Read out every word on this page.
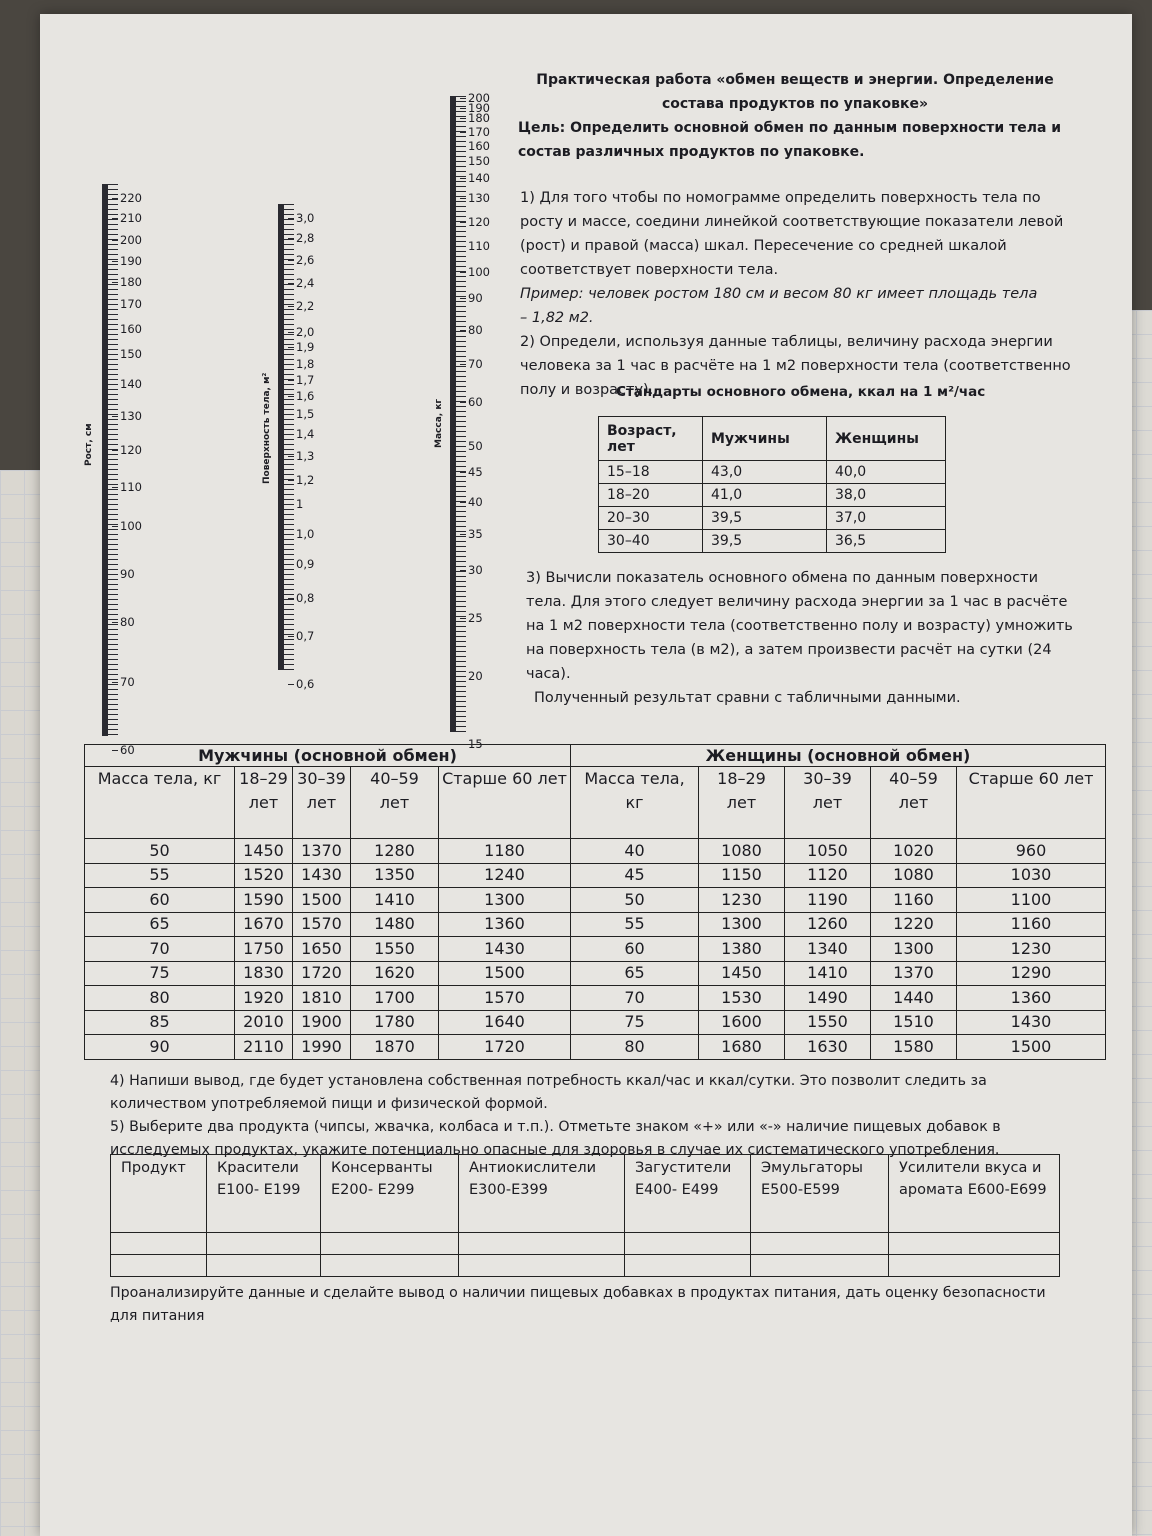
220
210
200
190
180
170
160
150
140
130
120
110
100
90
80
70
60
Рост, см
3,0
2,8
2,6
2,4
2,2
2,0
1,9
1,8
1,7
1,6
1,5
1,4
1,3
1,2
1
1,0
0,9
0,8
0,7
0,6
Поверхность тела, м²
200
190
180
170
160
150
140
130
120
110
100
90
80
70
60
50
45
40
35
30
25
20
15
Масса, кг
Практическая работа «обмен веществ и энергии. Определение
состава продуктов по упаковке»
Цель: Определить основной обмен по данным поверхности тела и
состав различных продуктов по упаковке.
1) Для того чтобы по номограмме определить поверхность тела по
росту и массе, соедини линейкой соответствующие показатели левой
(рост) и правой (масса) шкал. Пересечение со средней шкалой
соответствует поверхности тела.
Пример: человек ростом 180 см и весом 80 кг имеет площадь тела
– 1,82 м2.
2) Определи, используя данные таблицы, величину расхода энергии
человека за 1 час в расчёте на 1 м2 поверхности тела (соответственно
полу и возрасту).
Стандарты основного обмена, ккал на 1 м²/час
Возраст, лет	Мужчины	Женщины
15–18	43,0	40,0
18–20	41,0	38,0
20–30	39,5	37,0
30–40	39,5	36,5
3) Вычисли показатель основного обмена по данным поверхности
тела. Для этого следует величину расхода энергии за 1 час в расчёте
на 1 м2 поверхности тела (соответственно полу и возрасту) умножить
на поверхность тела (в м2), а затем произвести расчёт на сутки (24
часа).
Полученный результат сравни с табличными данными.
Мужчины (основной обмен)					Женщины (основной обмен)				
Масса тела, кг	18–29 лет	30–39 лет	40–59 лет	Старше 60 лет	Масса тела, кг	18–29 лет	30–39 лет	40–59 лет	Старше 60 лет
50	1450	1370	1280	1180	40	1080	1050	1020	960
55	1520	1430	1350	1240	45	1150	1120	1080	1030
60	1590	1500	1410	1300	50	1230	1190	1160	1100
65	1670	1570	1480	1360	55	1300	1260	1220	1160
70	1750	1650	1550	1430	60	1380	1340	1300	1230
75	1830	1720	1620	1500	65	1450	1410	1370	1290
80	1920	1810	1700	1570	70	1530	1490	1440	1360
85	2010	1900	1780	1640	75	1600	1550	1510	1430
90	2110	1990	1870	1720	80	1680	1630	1580	1500
4) Напиши вывод, где будет установлена собственная потребность ккал/час и ккал/сутки. Это позволит следить за
количеством употребляемой пищи и физической формой.
5) Выберите два продукта (чипсы, жвачка, колбаса и т.п.). Отметьте знаком «+» или «-» наличие пищевых добавок в
исследуемых продуктах, укажите потенциально опасные для здоровья в случае их систематического употребления.
Продукт	Красители Е100- Е199	Консерванты Е200- Е299	Антиокислители Е300-Е399	Загустители Е400- Е499	Эмульгаторы Е500-Е599	Усилители вкуса и аромата Е600-Е699

Проанализируйте данные и сделайте вывод о наличии пищевых добавках в продуктах питания, дать оценку безопасности
для питания
